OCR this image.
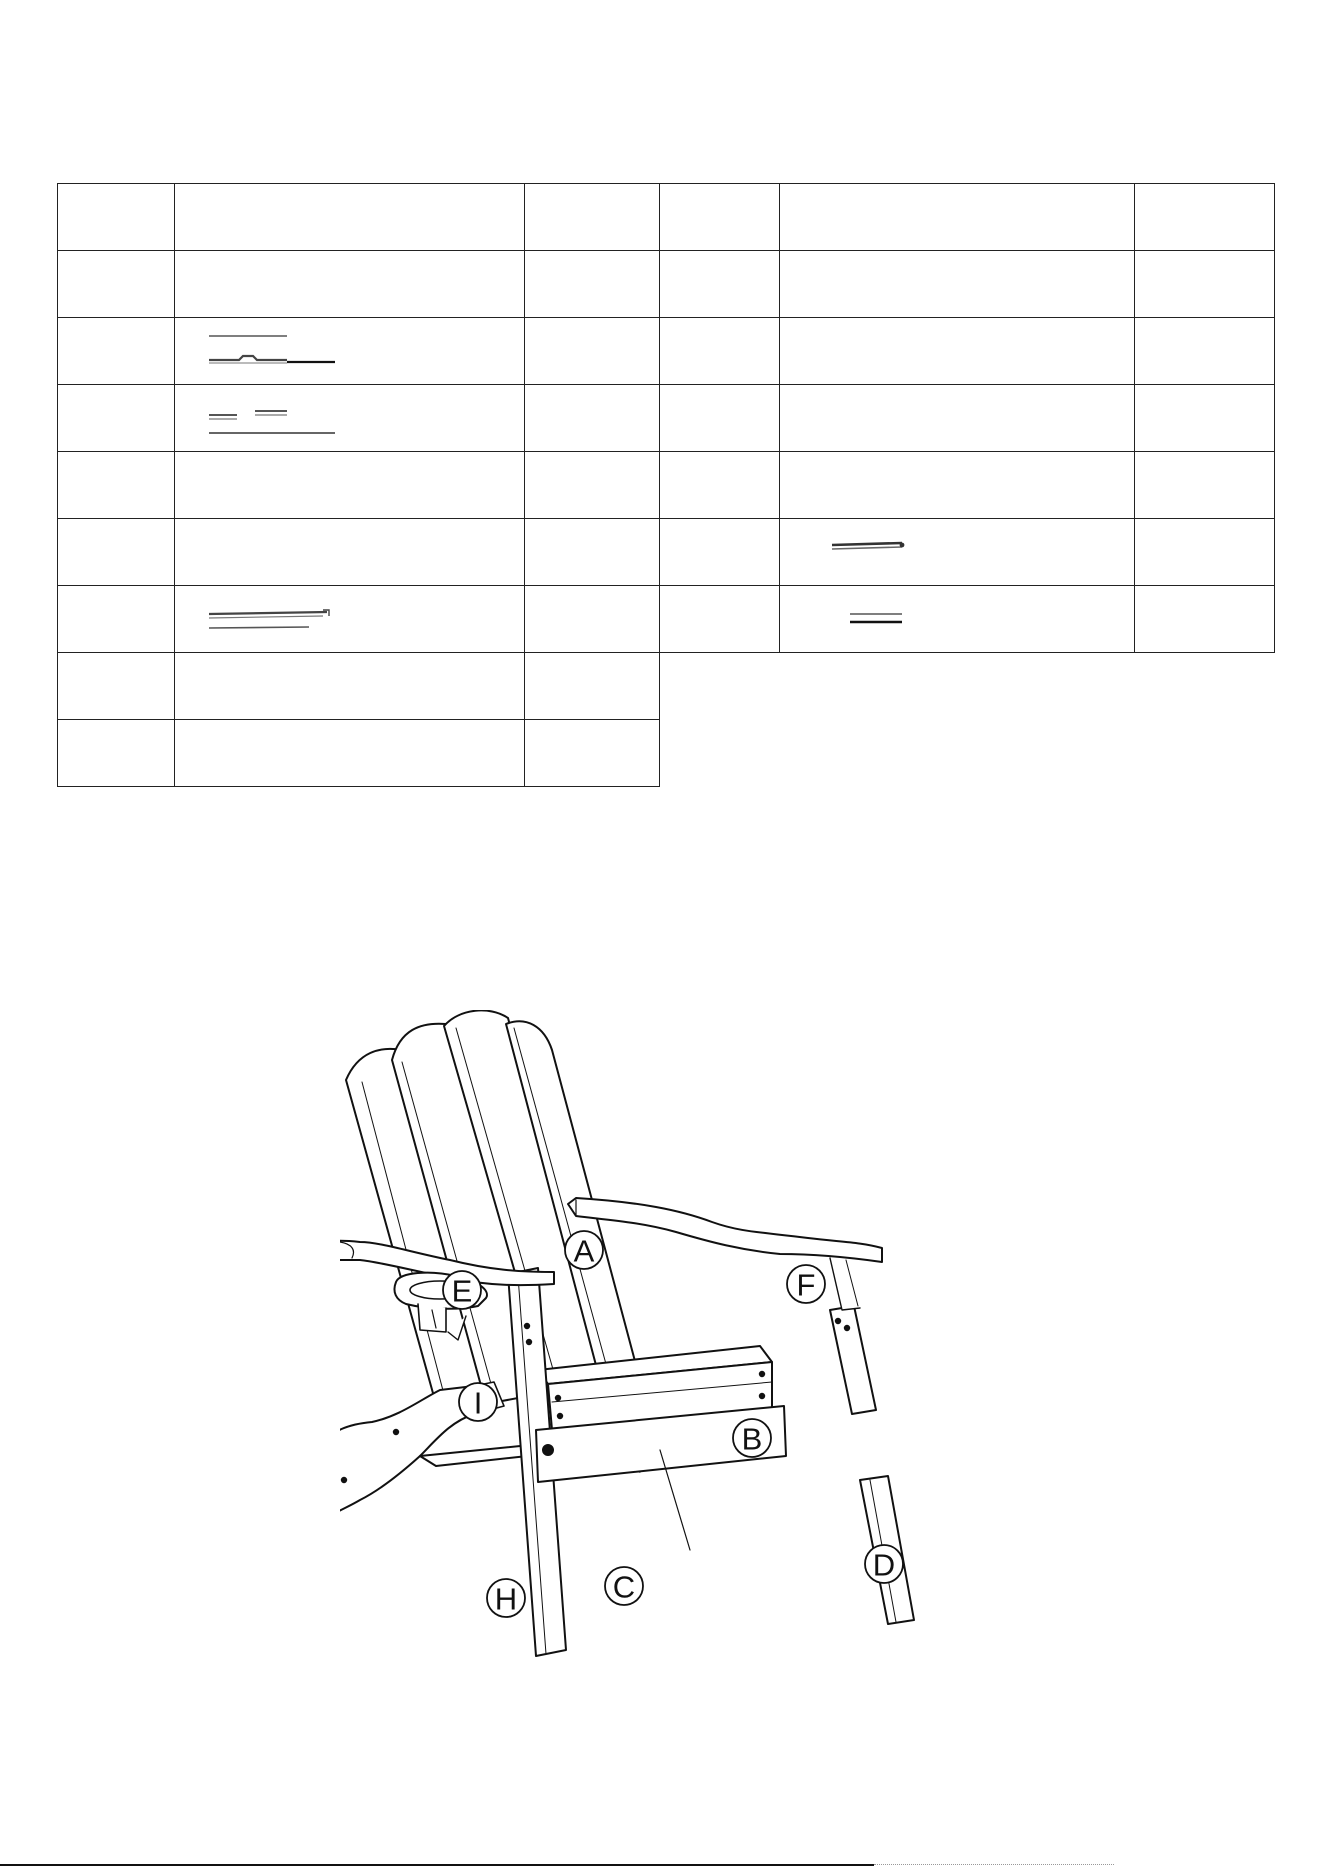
A
E	F
I
B
D
C
H
